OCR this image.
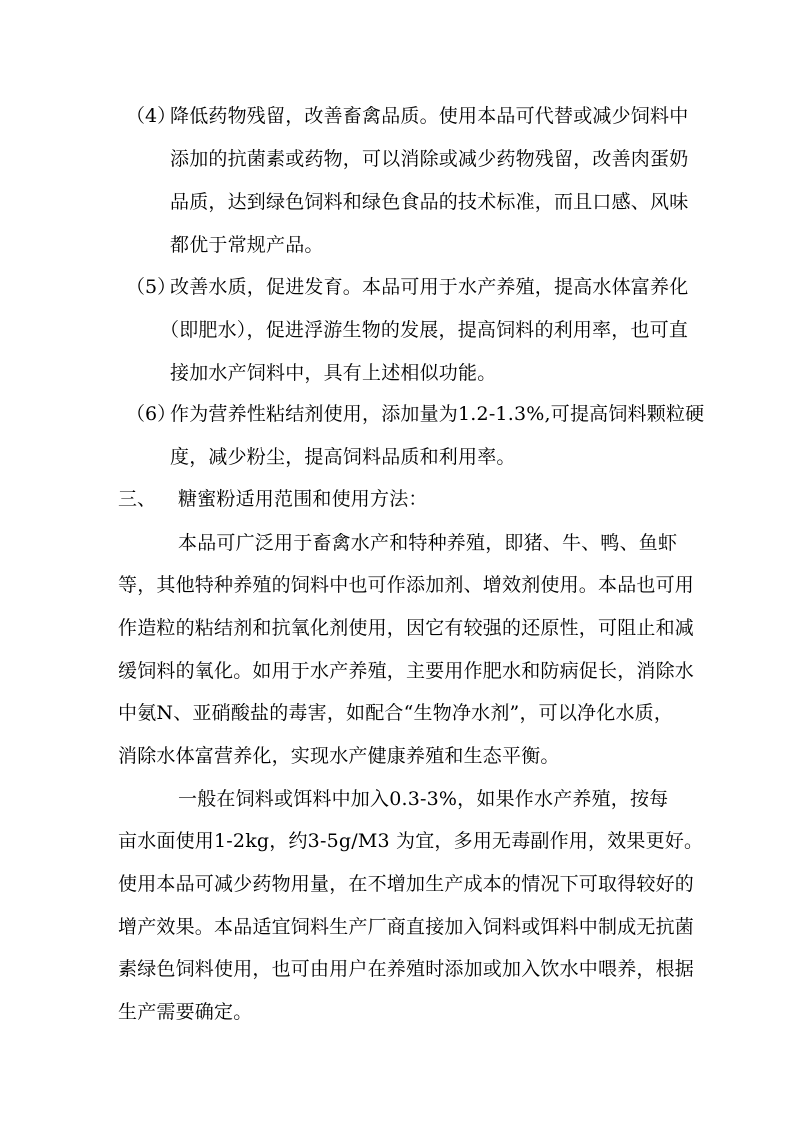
（4）
降低药物残留，改善畜禽品质。使用本品可代替或减少饲料中
添加的抗菌素或药物，可以消除或减少药物残留，改善肉蛋奶
品质，达到绿色饲料和绿色食品的技术标准，而且口感、风味
都优于常规产品。
（5）
改善水质，促进发育。本品可用于水产养殖，提高水体富养化
（即肥水），促进浮游生物的发展，提高饲料的利用率，也可直
接加水产饲料中，具有上述相似功能。
（6）
作为营养性粘结剂使用，添加量为1.2-1.3%,可提高饲料颗粒硬
度，减少粉尘，提高饲料品质和利用率。
三、 糖蜜粉适用范围和使用方法：
本品可广泛用于畜禽水产和特种养殖，即猪、牛、鸭、鱼虾
等，其他特种养殖的饲料中也可作添加剂、增效剂使用。本品也可用
作造粒的粘结剂和抗氧化剂使用，因它有较强的还原性，可阻止和减
缓饲料的氧化。如用于水产养殖，主要用作肥水和防病促长，消除水
中氨N、亚硝酸盐的毒害，如配合“生物净水剂”，可以净化水质，
消除水体富营养化，实现水产健康养殖和生态平衡。
一般在饲料或饵料中加入0.3-3%，如果作水产养殖，按每
亩水面使用1-2kg，约3-5g/M3 为宜，多用无毒副作用，效果更好。
使用本品可减少药物用量，在不增加生产成本的情况下可取得较好的
增产效果。本品适宜饲料生产厂商直接加入饲料或饵料中制成无抗菌
素绿色饲料使用，也可由用户在养殖时添加或加入饮水中喂养，根据
生产需要确定。
